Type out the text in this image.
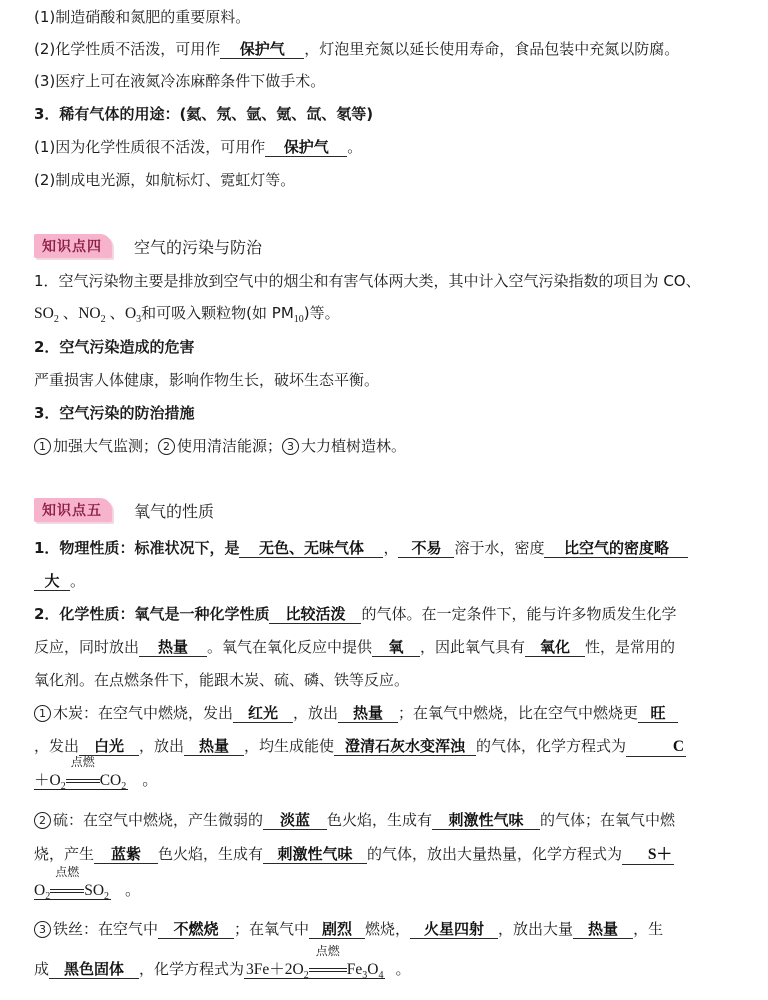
(1)制造硝酸和氮肥的重要原料。
(2)化学性质不活泼，可用作 保护气 ，灯泡里充氮以延长使用寿命，食品包装中充氮以防腐。
(3)医疗上可在液氮冷冻麻醉条件下做手术。
3．稀有气体的用途：(氦、氖、氩、氪、氙、氡等)
(1)因为化学性质很不活泼，可用作 保护气 。
(2)制成电光源，如航标灯、霓虹灯等。
知识点四	空气的污染与防治
1．空气污染物主要是排放到空气中的烟尘和有害气体两大类，其中计入空气污染指数的项目为 CO、
$SO_2$ 、$NO_2$ 、$O_3$和可吸入颗粒物(如 $PM_{10}$)等。
2．空气污染造成的危害
严重损害人体健康，影响作物生长，破坏生态平衡。
3．空气污染的防治措施
1 加强大气监测； 2 使用清洁能源； 3 大力植树造林。
知识点五	氧气的性质
1．物理性质：标准状况下，是 无色、无味气体 ， 不易 溶于水，密度 比空气的密度略
大 。
2．化学性质：氧气是一种化学性质 比较活泼 的气体。在一定条件下，能与许多物质发生化学
反应，同时放出 热量 。氧气在氧化反应中提供 氧 ，因此氧气具有 氧化 性，是常用的
氧化剂。在点燃条件下，能跟木炭、硫、磷、铁等反应。
1 木炭：在空气中燃烧，发出 红光 ，放出 热量 ；在氧气中燃烧，比在空气中燃烧更 旺
，发出 白光 ，放出 热量 ，均生成能使 澄清石灰水变浑浊 的气体，化学方程式为	C
$+O_2$
点燃
$CO_2$ 。
2 硫：在空气中燃烧，产生微弱的 淡蓝 色火焰，生成有 刺激性气味 的气体；在氧气中燃
烧，产生 蓝紫 色火焰，生成有 刺激性气味 的气体，放出大量热量，化学方程式为 S＋
$O_2$
点燃
$SO_2$ 。
3 铁丝：在空气中 不燃烧 ；在氧气中 剧烈 燃烧， 火星四射 ，放出大量 热量 ，生
成 黑色固体 ，化学方程式为 $3Fe+2O_2$
点燃
$Fe_3O_4$ 。
